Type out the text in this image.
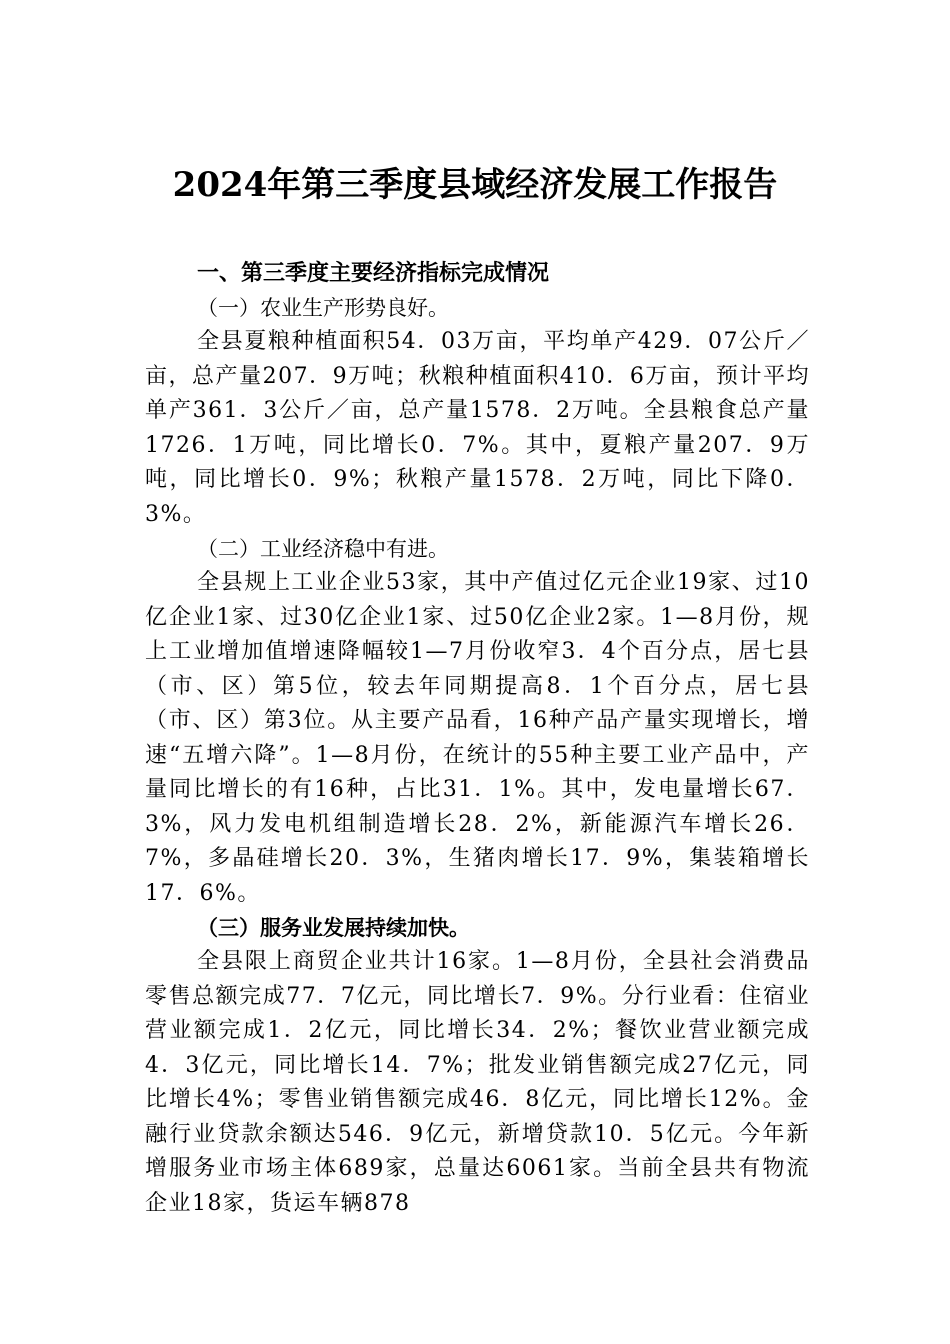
2024年第三季度县域经济发展工作报告

一、第三季度主要经济指标完成情况

（一）农业生产形势良好。

全县夏粮种植面积54．03万亩，平均单产429．07公斤／亩，总产量207．9万吨；秋粮种植面积410．6万亩，预计平均单产361．3公斤／亩，总产量1578．2万吨。全县粮食总产量1726．1万吨，同比增长0．7%。其中，夏粮产量207．9万吨，同比增长0．9%；秋粮产量1578．2万吨，同比下降0．3%。

（二）工业经济稳中有进。

全县规上工业企业53家，其中产值过亿元企业19家、过10亿企业1家、过30亿企业1家、过50亿企业2家。1—8月份，规上工业增加值增速降幅较1—7月份收窄3．4个百分点，居七县（市、区）第5位，较去年同期提高8．1个百分点，居七县（市、区）第3位。从主要产品看，16种产品产量实现增长，增速“五增六降”。1—8月份，在统计的55种主要工业产品中，产量同比增长的有16种，占比31．1%。其中，发电量增长67．3%，风力发电机组制造增长28．2%，新能源汽车增长26．7%，多晶硅增长20．3%，生猪肉增长17．9%，集装箱增长17．6%。

（三）服务业发展持续加快。

全县限上商贸企业共计16家。1—8月份，全县社会消费品零售总额完成77．7亿元，同比增长7．9%。分行业看：住宿业营业额完成1．2亿元，同比增长34．2%；餐饮业营业额完成4．3亿元，同比增长14．7%；批发业销售额完成27亿元，同比增长4%；零售业销售额完成46．8亿元，同比增长12%。金融行业贷款余额达546．9亿元，新增贷款10．5亿元。今年新增服务业市场主体689家，总量达6061家。当前全县共有物流企业18家，货运车辆878
